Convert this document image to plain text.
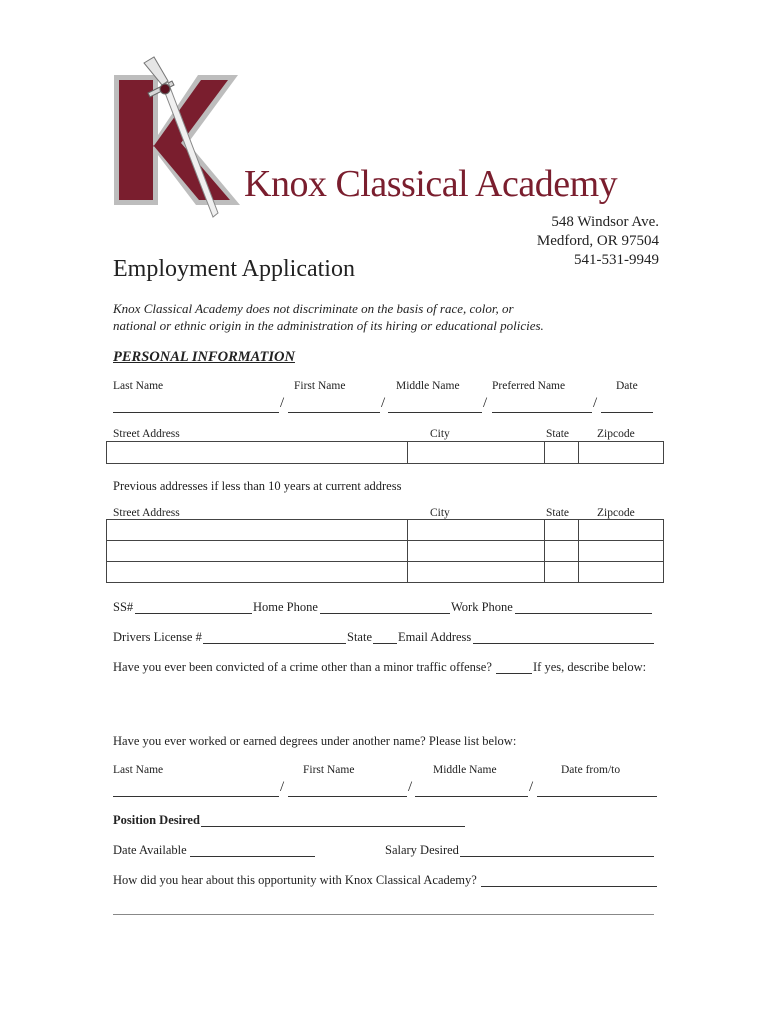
Knox Classical Academy
548 Windsor Ave.
Medford, OR 97504
541-531-9949
Employment Application
Knox Classical Academy does not discriminate on the basis of race, color, or national or ethnic origin in the administration of its hiring or educational policies.
PERSONAL INFORMATION
Last Name	First Name	Middle Name	Preferred Name	Date
/	/	/	/
Street Address	City	State Zipcode

Previous addresses if less than 10 years at current address
Street Address	City	State Zipcode

SS#	Home Phone	Work Phone
Drivers License #	State Email Address
Have you ever been convicted of a crime other than a minor traffic offense?	If yes, describe below:
Have you ever worked or earned degrees under another name? Please list below:
Last Name	First Name	Middle Name	Date from/to
/	/	/
Position Desired
Date Available	Salary Desired
How did you hear about this opportunity with Knox Classical Academy?
